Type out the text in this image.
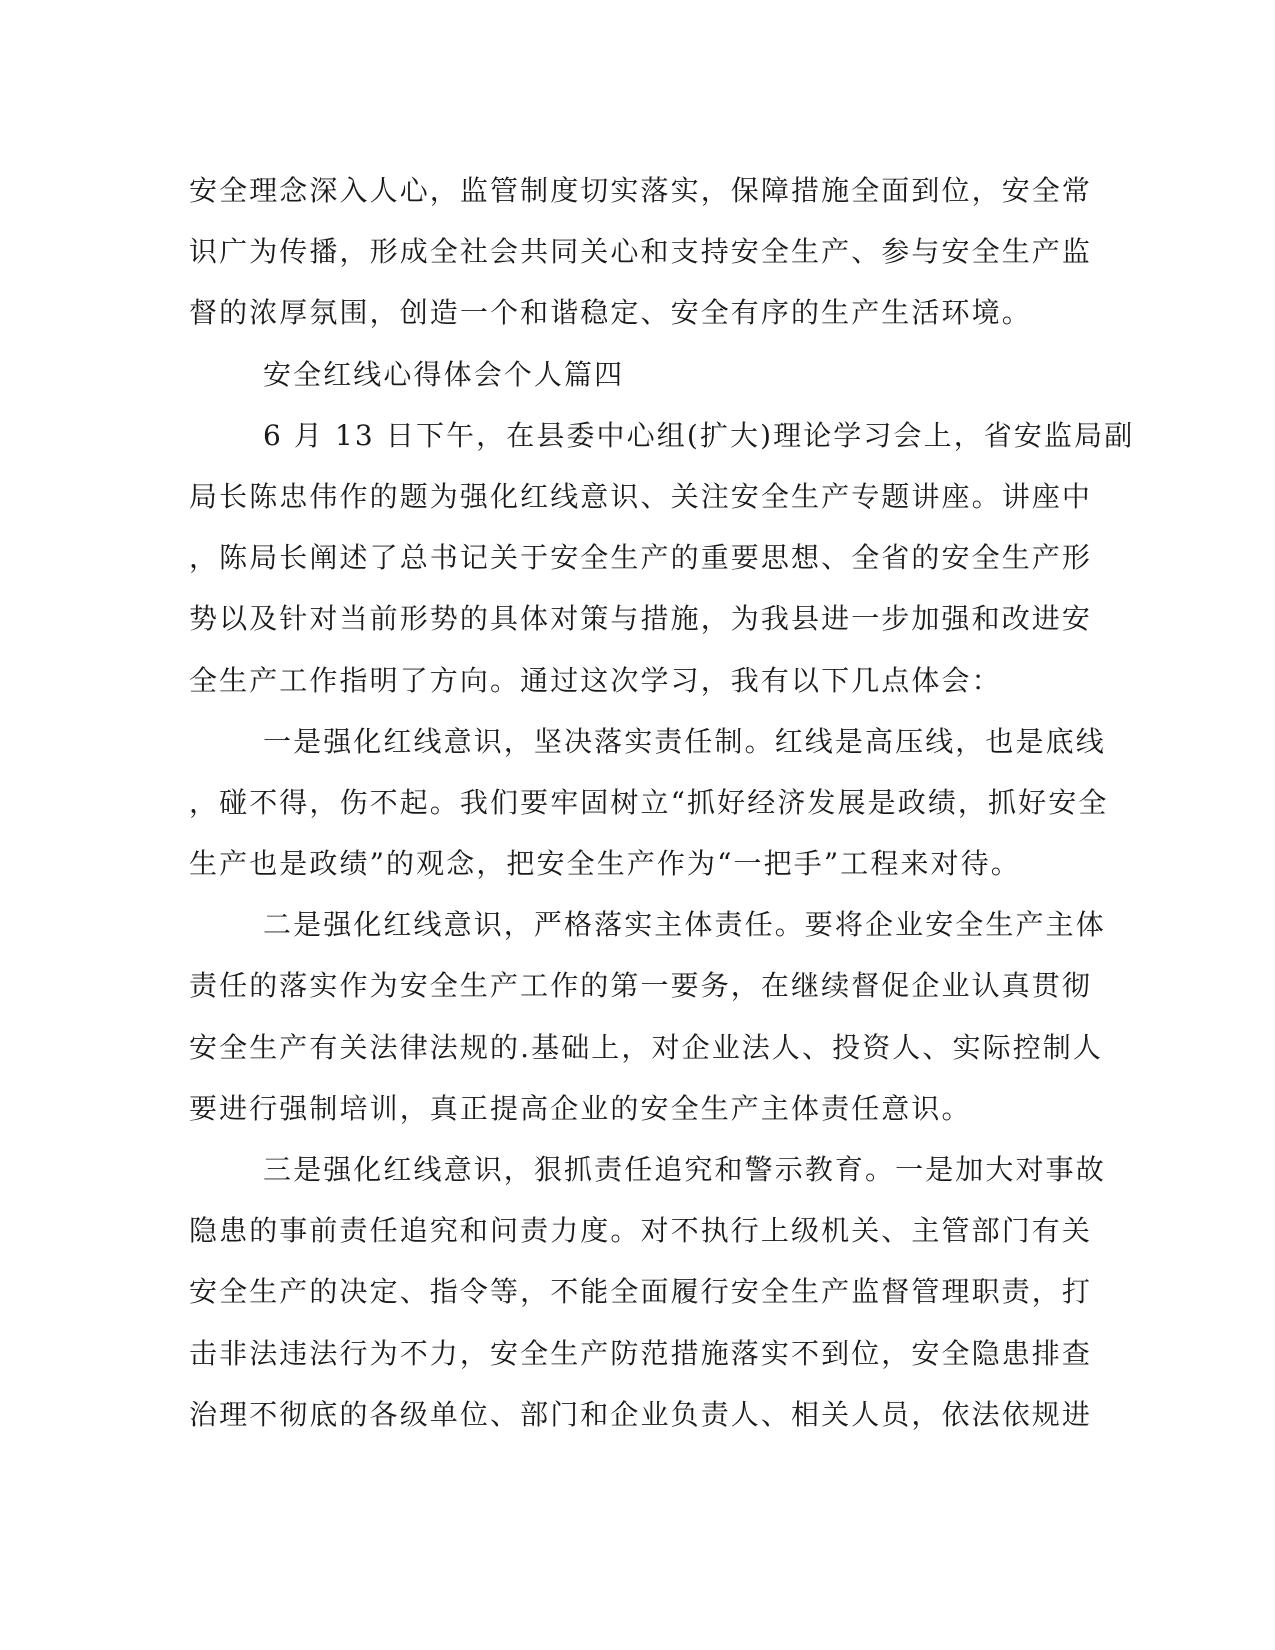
安全理念深入人心，监管制度切实落实，保障措施全面到位，安全常
识广为传播，形成全社会共同关心和支持安全生产、参与安全生产监
督的浓厚氛围，创造一个和谐稳定、安全有序的生产生活环境。
安全红线心得体会个人篇四
6 月 13 日下午，在县委中心组(扩大)理论学习会上，省安监局副
局长陈忠伟作的题为强化红线意识、关注安全生产专题讲座。讲座中
，陈局长阐述了总书记关于安全生产的重要思想、全省的安全生产形
势以及针对当前形势的具体对策与措施，为我县进一步加强和改进安
全生产工作指明了方向。通过这次学习，我有以下几点体会：
一是强化红线意识，坚决落实责任制。红线是高压线，也是底线
，碰不得，伤不起。我们要牢固树立“抓好经济发展是政绩，抓好安全
生产也是政绩”的观念，把安全生产作为“一把手”工程来对待。
二是强化红线意识，严格落实主体责任。要将企业安全生产主体
责任的落实作为安全生产工作的第一要务，在继续督促企业认真贯彻
安全生产有关法律法规的.基础上，对企业法人、投资人、实际控制人
要进行强制培训，真正提高企业的安全生产主体责任意识。
三是强化红线意识，狠抓责任追究和警示教育。一是加大对事故
隐患的事前责任追究和问责力度。对不执行上级机关、主管部门有关
安全生产的决定、指令等，不能全面履行安全生产监督管理职责，打
击非法违法行为不力，安全生产防范措施落实不到位，安全隐患排查
治理不彻底的各级单位、部门和企业负责人、相关人员，依法依规进
